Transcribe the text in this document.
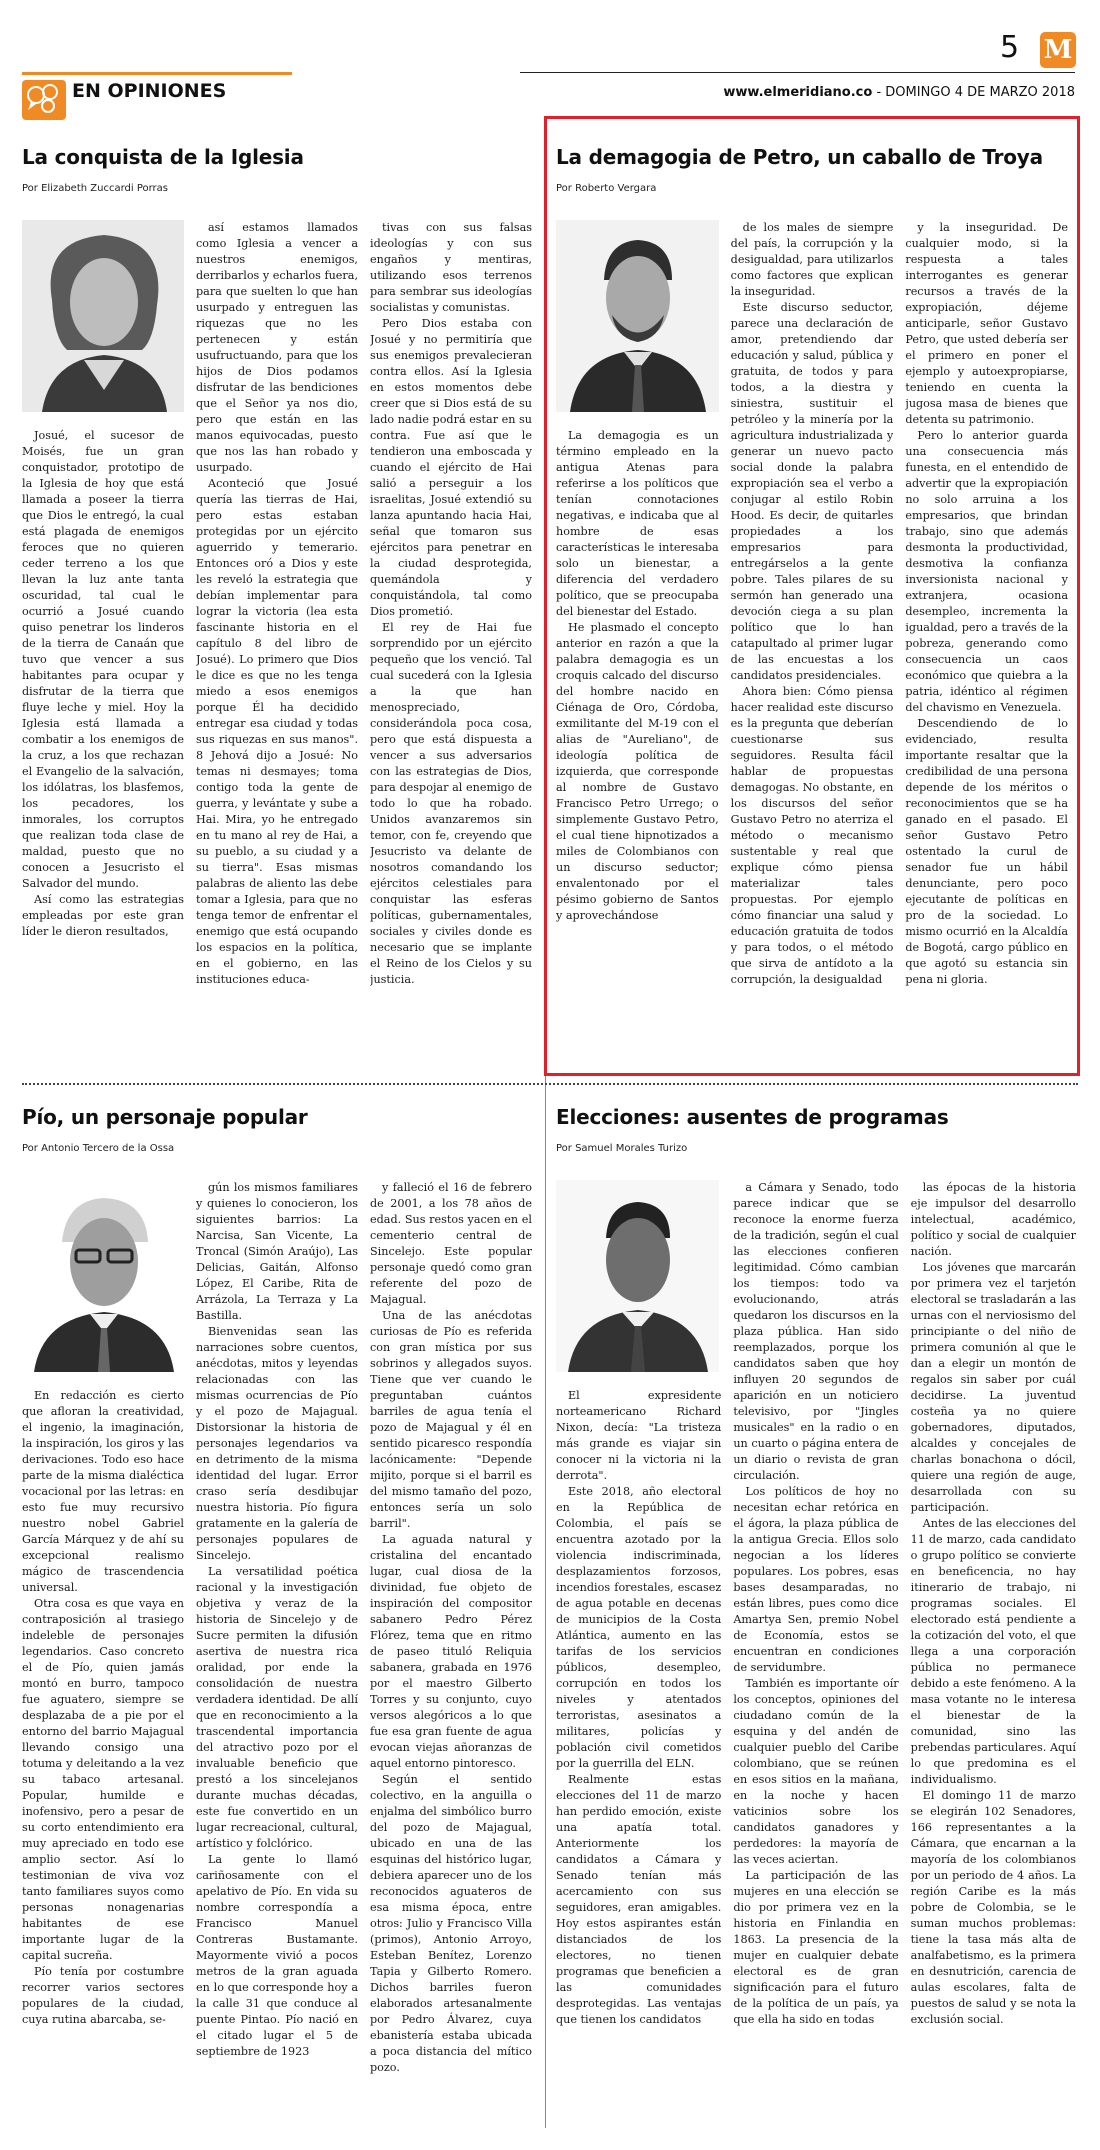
EN OPINIONES
5 M
www.elmeridiano.co - DOMINGO 4 DE MARZO 2018
La conquista de la Iglesia
Por Elizabeth Zuccardi Porras

Josué, el sucesor de Moisés, fue un gran conquistador, prototipo de la Iglesia de hoy que está llamada a poseer la tierra que Dios le entregó, la cual está plagada de enemigos feroces que no quieren ceder terreno a los que llevan la luz ante tanta oscuridad, tal cual le ocurrió a Josué cuando quiso penetrar los linderos de la tierra de Canaán que tuvo que vencer a sus habitantes para ocupar y disfrutar de la tierra que fluye leche y miel. Hoy la Iglesia está llamada a combatir a los enemigos de la cruz, a los que rechazan el Evangelio de la salvación, los idólatras, los blasfemos, los pecadores, los inmorales, los corruptos que realizan toda clase de maldad, puesto que no conocen a Jesucristo el Salvador del mundo.

Así como las estrategias empleadas por este gran líder le dieron resultados,

así estamos llamados como Iglesia a vencer a nuestros enemigos, derribarlos y echarlos fuera, para que suelten lo que han usurpado y entreguen las riquezas que no les pertenecen y están usufructuando, para que los hijos de Dios podamos disfrutar de las bendiciones que el Señor ya nos dio, pero que están en las manos equivocadas, puesto que nos las han robado y usurpado.

Aconteció que Josué quería las tierras de Hai, pero estas estaban protegidas por un ejército aguerrido y temerario. Entonces oró a Dios y este les reveló la estrategia que debían implementar para lograr la victoria (lea esta fascinante historia en el capítulo 8 del libro de Josué). Lo primero que Dios le dice es que no les tenga miedo a esos enemigos porque Él ha decidido entregar esa ciudad y todas sus riquezas en sus manos". 8 Jehová dijo a Josué: No temas ni desmayes; toma contigo toda la gente de guerra, y levántate y sube a Hai. Mira, yo he entregado en tu mano al rey de Hai, a su pueblo, a su ciudad y a su tierra". Esas mismas palabras de aliento las debe tomar a Iglesia, para que no tenga temor de enfrentar el enemigo que está ocupando los espacios en la política, en el gobierno, en las instituciones educa-

tivas con sus falsas ideologías y con sus engaños y mentiras, utilizando esos terrenos para sembrar sus ideologías socialistas y comunistas.

Pero Dios estaba con Josué y no permitiría que sus enemigos prevalecieran contra ellos. Así la Iglesia en estos momentos debe creer que si Dios está de su lado nadie podrá estar en su contra. Fue así que le tendieron una emboscada y cuando el ejército de Hai salió a perseguir a los israelitas, Josué extendió su lanza apuntando hacia Hai, señal que tomaron sus ejércitos para penetrar en la ciudad desprotegida, quemándola y conquistándola, tal como Dios prometió.

El rey de Hai fue sorprendido por un ejército pequeño que los venció. Tal cual sucederá con la Iglesia a la que han menospreciado, considerándola poca cosa, pero que está dispuesta a vencer a sus adversarios con las estrategias de Dios, para despojar al enemigo de todo lo que ha robado. Unidos avanzaremos sin temor, con fe, creyendo que Jesucristo va delante de nosotros comandando los ejércitos celestiales para conquistar las esferas políticas, gubernamentales, sociales y civiles donde es necesario que se implante el Reino de los Cielos y su justicia.

La demagogia de Petro, un caballo de Troya
Por Roberto Vergara

La demagogia es un término empleado en la antigua Atenas para referirse a los políticos que tenían connotaciones negativas, e indicaba que al hombre de esas características le interesaba solo un bienestar, a diferencia del verdadero político, que se preocupaba del bienestar del Estado.

He plasmado el concepto anterior en razón a que la palabra demagogia es un croquis calcado del discurso del hombre nacido en Ciénaga de Oro, Córdoba, exmilitante del M-19 con el alias de "Aureliano", de ideología política de izquierda, que corresponde al nombre de Gustavo Francisco Petro Urrego; o simplemente Gustavo Petro, el cual tiene hipnotizados a miles de Colombianos con un discurso seductor; envalentonado por el pésimo gobierno de Santos y aprovechándose

de los males de siempre del país, la corrupción y la desigualdad, para utilizarlos como factores que explican la inseguridad.

Este discurso seductor, parece una declaración de amor, pretendiendo dar educación y salud, pública y gratuita, de todos y para todos, a la diestra y siniestra, sustituir el petróleo y la minería por la agricultura industrializada y generar un nuevo pacto social donde la palabra expropiación sea el verbo a conjugar al estilo Robin Hood. Es decir, de quitarles propiedades a los empresarios para entregárselos a la gente pobre. Tales pilares de su sermón han generado una devoción ciega a su plan político que lo han catapultado al primer lugar de las encuestas a los candidatos presidenciales.

Ahora bien: Cómo piensa hacer realidad este discurso es la pregunta que deberían cuestionarse sus seguidores. Resulta fácil hablar de propuestas demagogas. No obstante, en los discursos del señor Gustavo Petro no aterriza el método o mecanismo sustentable y real que explique cómo piensa materializar tales propuestas. Por ejemplo cómo financiar una salud y educación gratuita de todos y para todos, o el método que sirva de antídoto a la corrupción, la desigualdad

y la inseguridad. De cualquier modo, si la respuesta a tales interrogantes es generar recursos a través de la expropiación, déjeme anticiparle, señor Gustavo Petro, que usted debería ser el primero en poner el ejemplo y autoexpropiarse, teniendo en cuenta la jugosa masa de bienes que detenta su patrimonio.

Pero lo anterior guarda una consecuencia más funesta, en el entendido de advertir que la expropiación no solo arruina a los empresarios, que brindan trabajo, sino que además desmonta la productividad, desmotiva la confianza inversionista nacional y extranjera, ocasiona desempleo, incrementa la igualdad, pero a través de la pobreza, generando como consecuencia un caos económico que quiebra a la patria, idéntico al régimen del chavismo en Venezuela.

Descendiendo de lo evidenciado, resulta importante resaltar que la credibilidad de una persona depende de los méritos o reconocimientos que se ha ganado en el pasado. El señor Gustavo Petro ostentado la curul de senador fue un hábil denunciante, pero poco ejecutante de políticas en pro de la sociedad. Lo mismo ocurrió en la Alcaldía de Bogotá, cargo público en que agotó su estancia sin pena ni gloria.

Pío, un personaje popular
Por Antonio Tercero de la Ossa

En redacción es cierto que afloran la creatividad, el ingenio, la imaginación, la inspiración, los giros y las derivaciones. Todo eso hace parte de la misma dialéctica vocacional por las letras: en esto fue muy recursivo nuestro nobel Gabriel García Márquez y de ahí su excepcional realismo mágico de trascendencia universal.

Otra cosa es que vaya en contraposición al trasiego indeleble de personajes legendarios. Caso concreto el de Pío, quien jamás montó en burro, tampoco fue aguatero, siempre se desplazaba de a pie por el entorno del barrio Majagual llevando consigo una totuma y deleitando a la vez su tabaco artesanal. Popular, humilde e inofensivo, pero a pesar de su corto entendimiento era muy apreciado en todo ese amplio sector. Así lo testimonian de viva voz tanto familiares suyos como personas nonagenarias habitantes de ese importante lugar de la capital sucreña.

Pío tenía por costumbre recorrer varios sectores populares de la ciudad, cuya rutina abarcaba, se-

gún los mismos familiares y quienes lo conocieron, los siguientes barrios: La Narcisa, San Vicente, La Troncal (Simón Araújo), Las Delicias, Gaitán, Alfonso López, El Caribe, Rita de Arrázola, La Terraza y La Bastilla.

Bienvenidas sean las narraciones sobre cuentos, anécdotas, mitos y leyendas relacionadas con las mismas ocurrencias de Pío y el pozo de Majagual. Distorsionar la historia de personajes legendarios va en detrimento de la misma identidad del lugar. Error craso sería desdibujar nuestra historia. Pío figura gratamente en la galería de personajes populares de Sincelejo.

La versatilidad poética racional y la investigación objetiva y veraz de la historia de Sincelejo y de Sucre permiten la difusión asertiva de nuestra rica oralidad, por ende la consolidación de nuestra verdadera identidad. De allí que en reconocimiento a la trascendental importancia del atractivo pozo por el invaluable beneficio que prestó a los sincelejanos durante muchas décadas, este fue convertido en un lugar recreacional, cultural, artístico y folclórico.

La gente lo llamó cariñosamente con el apelativo de Pío. En vida su nombre correspondía a Francisco Manuel Contreras Bustamante. Mayormente vivió a pocos metros de la gran aguada en lo que corresponde hoy a la calle 31 que conduce al puente Pintao. Pío nació en el citado lugar el 5 de septiembre de 1923

y falleció el 16 de febrero de 2001, a los 78 años de edad. Sus restos yacen en el cementerio central de Sincelejo. Este popular personaje quedó como gran referente del pozo de Majagual.

Una de las anécdotas curiosas de Pío es referida con gran mística por sus sobrinos y allegados suyos. Tiene que ver cuando le preguntaban cuántos barriles de agua tenía el pozo de Majagual y él en sentido picaresco respondía lacónicamente: "Depende mijito, porque si el barril es del mismo tamaño del pozo, entonces sería un solo barril".

La aguada natural y cristalina del encantado lugar, cual diosa de la divinidad, fue objeto de inspiración del compositor sabanero Pedro Pérez Flórez, tema que en ritmo de paseo tituló Reliquia sabanera, grabada en 1976 por el maestro Gilberto Torres y su conjunto, cuyo versos alegóricos a lo que fue esa gran fuente de agua evocan viejas añoranzas de aquel entorno pintoresco.

Según el sentido colectivo, en la anguilla o enjalma del simbólico burro del pozo de Majagual, ubicado en una de las esquinas del histórico lugar, debiera aparecer uno de los reconocidos aguateros de esa misma época, entre otros: Julio y Francisco Villa (primos), Antonio Arroyo, Esteban Benítez, Lorenzo Tapia y Gilberto Romero. Dichos barriles fueron elaborados artesanalmente por Pedro Álvarez, cuya ebanistería estaba ubicada a poca distancia del mítico pozo.

Elecciones: ausentes de programas
Por Samuel Morales Turizo

El expresidente norteamericano Richard Nixon, decía: "La tristeza más grande es viajar sin conocer ni la victoria ni la derrota".

Este 2018, año electoral en la República de Colombia, el país se encuentra azotado por la violencia indiscriminada, desplazamientos forzosos, incendios forestales, escasez de agua potable en decenas de municipios de la Costa Atlántica, aumento en las tarifas de los servicios públicos, desempleo, corrupción en todos los niveles y atentados terroristas, asesinatos a militares, policías y población civil cometidos por la guerrilla del ELN.

Realmente estas elecciones del 11 de marzo han perdido emoción, existe una apatía total. Anteriormente los candidatos a Cámara y Senado tenían más acercamiento con sus seguidores, eran amigables. Hoy estos aspirantes están distanciados de los electores, no tienen programas que beneficien a las comunidades desprotegidas. Las ventajas que tienen los candidatos

a Cámara y Senado, todo parece indicar que se reconoce la enorme fuerza de la tradición, según el cual las elecciones confieren legitimidad. Cómo cambian los tiempos: todo va evolucionando, atrás quedaron los discursos en la plaza pública. Han sido reemplazados, porque los candidatos saben que hoy influyen 20 segundos de aparición en un noticiero televisivo, por "Jingles musicales" en la radio o en un cuarto o página entera de un diario o revista de gran circulación.

Los políticos de hoy no necesitan echar retórica en el ágora, la plaza pública de la antigua Grecia. Ellos solo negocian a los líderes populares. Los pobres, esas bases desamparadas, no están libres, pues como dice Amartya Sen, premio Nobel de Economía, estos se encuentran en condiciones de servidumbre.

También es importante oír los conceptos, opiniones del ciudadano común de la esquina y del andén de cualquier pueblo del Caribe colombiano, que se reúnen en esos sitios en la mañana, en la noche y hacen vaticinios sobre los candidatos ganadores y perdedores: la mayoría de las veces aciertan.

La participación de las mujeres en una elección se dio por primera vez en la historia en Finlandia en 1863. La presencia de la mujer en cualquier debate electoral es de gran significación para el futuro de la política de un país, ya que ella ha sido en todas

las épocas de la historia eje impulsor del desarrollo intelectual, académico, político y social de cualquier nación.

Los jóvenes que marcarán por primera vez el tarjetón electoral se trasladarán a las urnas con el nerviosismo del principiante o del niño de primera comunión al que le dan a elegir un montón de regalos sin saber por cuál decidirse. La juventud costeña ya no quiere gobernadores, diputados, alcaldes y concejales de charlas bonachona o dócil, quiere una región de auge, desarrollada con su participación.

Antes de las elecciones del 11 de marzo, cada candidato o grupo político se convierte en beneficencia, no hay itinerario de trabajo, ni programas sociales. El electorado está pendiente a la cotización del voto, el que llega a una corporación pública no permanece debido a este fenómeno. A la masa votante no le interesa el bienestar de la comunidad, sino las prebendas particulares. Aquí lo que predomina es el individualismo.

El domingo 11 de marzo se elegirán 102 Senadores, 166 representantes a la Cámara, que encarnan a la mayoría de los colombianos por un periodo de 4 años. La región Caribe es la más pobre de Colombia, se le suman muchos problemas: tiene la tasa más alta de analfabetismo, es la primera en desnutrición, carencia de aulas escolares, falta de puestos de salud y se nota la exclusión social.
